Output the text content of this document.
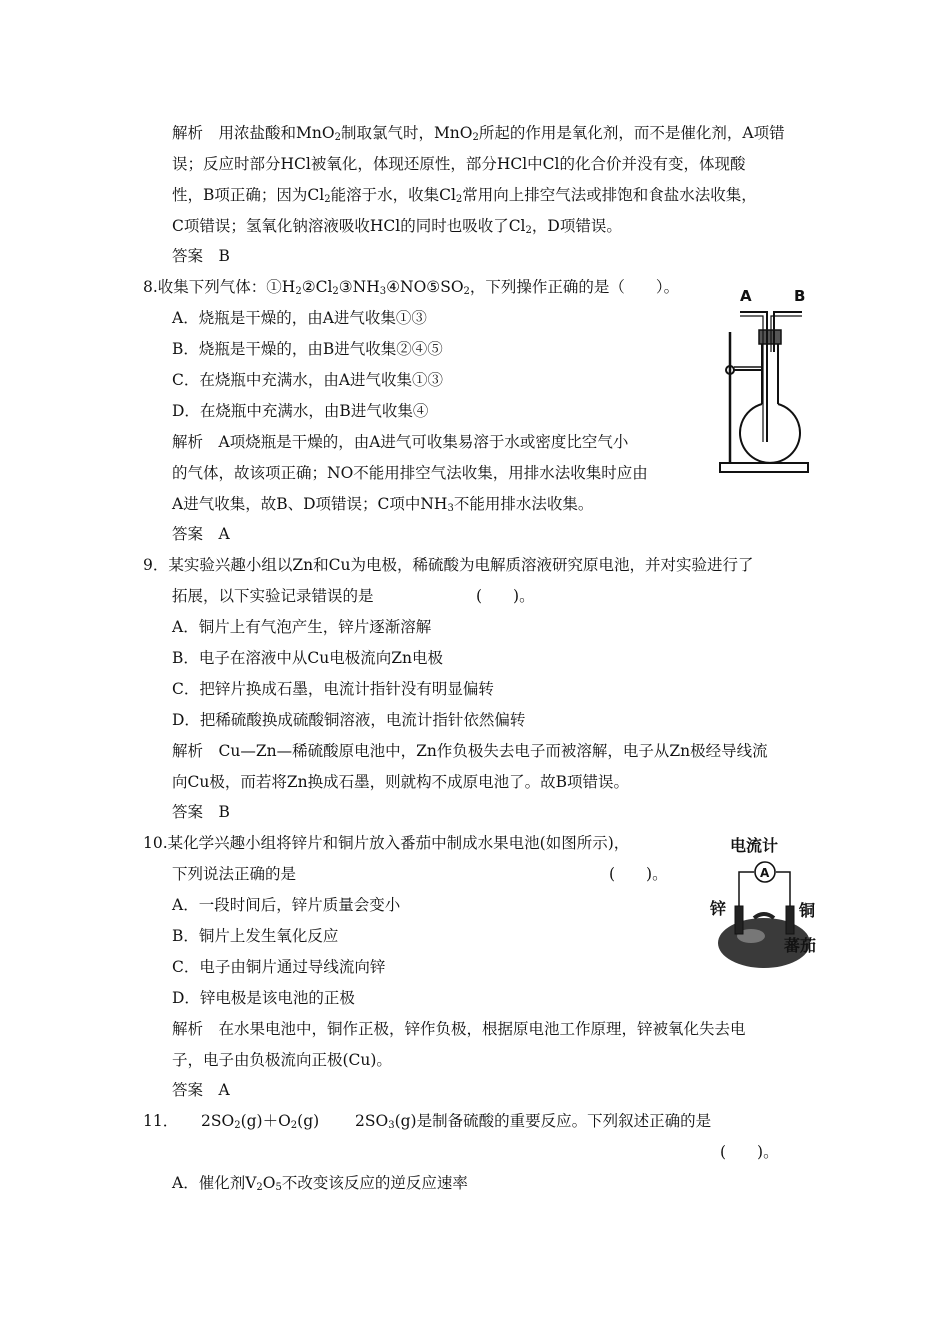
解析　用浓盐酸和MnO$_2$制取氯气时，MnO$_2$所起的作用是氧化剂，而不是催化剂，A项错
误；反应时部分HCl被氧化，体现还原性，部分HCl中Cl的化合价并没有变，体现酸
性，B项正确；因为$Cl_2$能溶于水，收集$Cl_2$常用向上排空气法或排饱和食盐水法收集，
C项错误；氢氧化钠溶液吸收HCl的同时也吸收了$Cl_2$，D项错误。
答案　B
8.收集下列气体：$①H_2②Cl_2③NH_3④NO⑤SO_2$，下列操作正确的是（　　）。
A．烧瓶是干燥的，由A进气收集①③
B．烧瓶是干燥的，由B进气收集②④⑤
C．在烧瓶中充满水，由A进气收集①③
D．在烧瓶中充满水，由B进气收集④
解析　A项烧瓶是干燥的，由A进气可收集易溶于水或密度比空气小
的气体，故该项正确；NO不能用排空气法收集，用排水法收集时应由
A进气收集，故B、D项错误；C项中$NH_3$不能用排水法收集。
答案　A
A	B
9．某实验兴趣小组以Zn和Cu为电极，稀硫酸为电解质溶液研究原电池，并对实验进行了
拓展，以下实验记录错误的是	(　　)。
A．铜片上有气泡产生，锌片逐渐溶解
B．电子在溶液中从Cu电极流向Zn电极
C．把锌片换成石墨，电流计指针没有明显偏转
D．把稀硫酸换成硫酸铜溶液，电流计指针依然偏转
解析　Cu—Zn—稀硫酸原电池中，Zn作负极失去电子而被溶解，电子从Zn极经导线流
向Cu极，而若将Zn换成石墨，则就构不成原电池了。故B项错误。
答案　B
10.某化学兴趣小组将锌片和铜片放入番茄中制成水果电池(如图所示)，
下列说法正确的是	(　　)。
A．一段时间后，锌片质量会变小
B．铜片上发生氧化反应
C．电子由铜片通过导线流向锌
D．锌电极是该电池的正极
解析　在水果电池中，铜作正极，锌作负极，根据原电池工作原理，锌被氧化失去电
子，电子由负极流向正极(Cu)。
答案　A
电流计
A
锌	铜
蕃茄
11． $2SO_2(g)+O_2(g)$ $2SO_3(g)$是制备硫酸的重要反应。下列叙述正确的是
(　　)。
A．催化剂$V_2O_5$不改变该反应的逆反应速率
